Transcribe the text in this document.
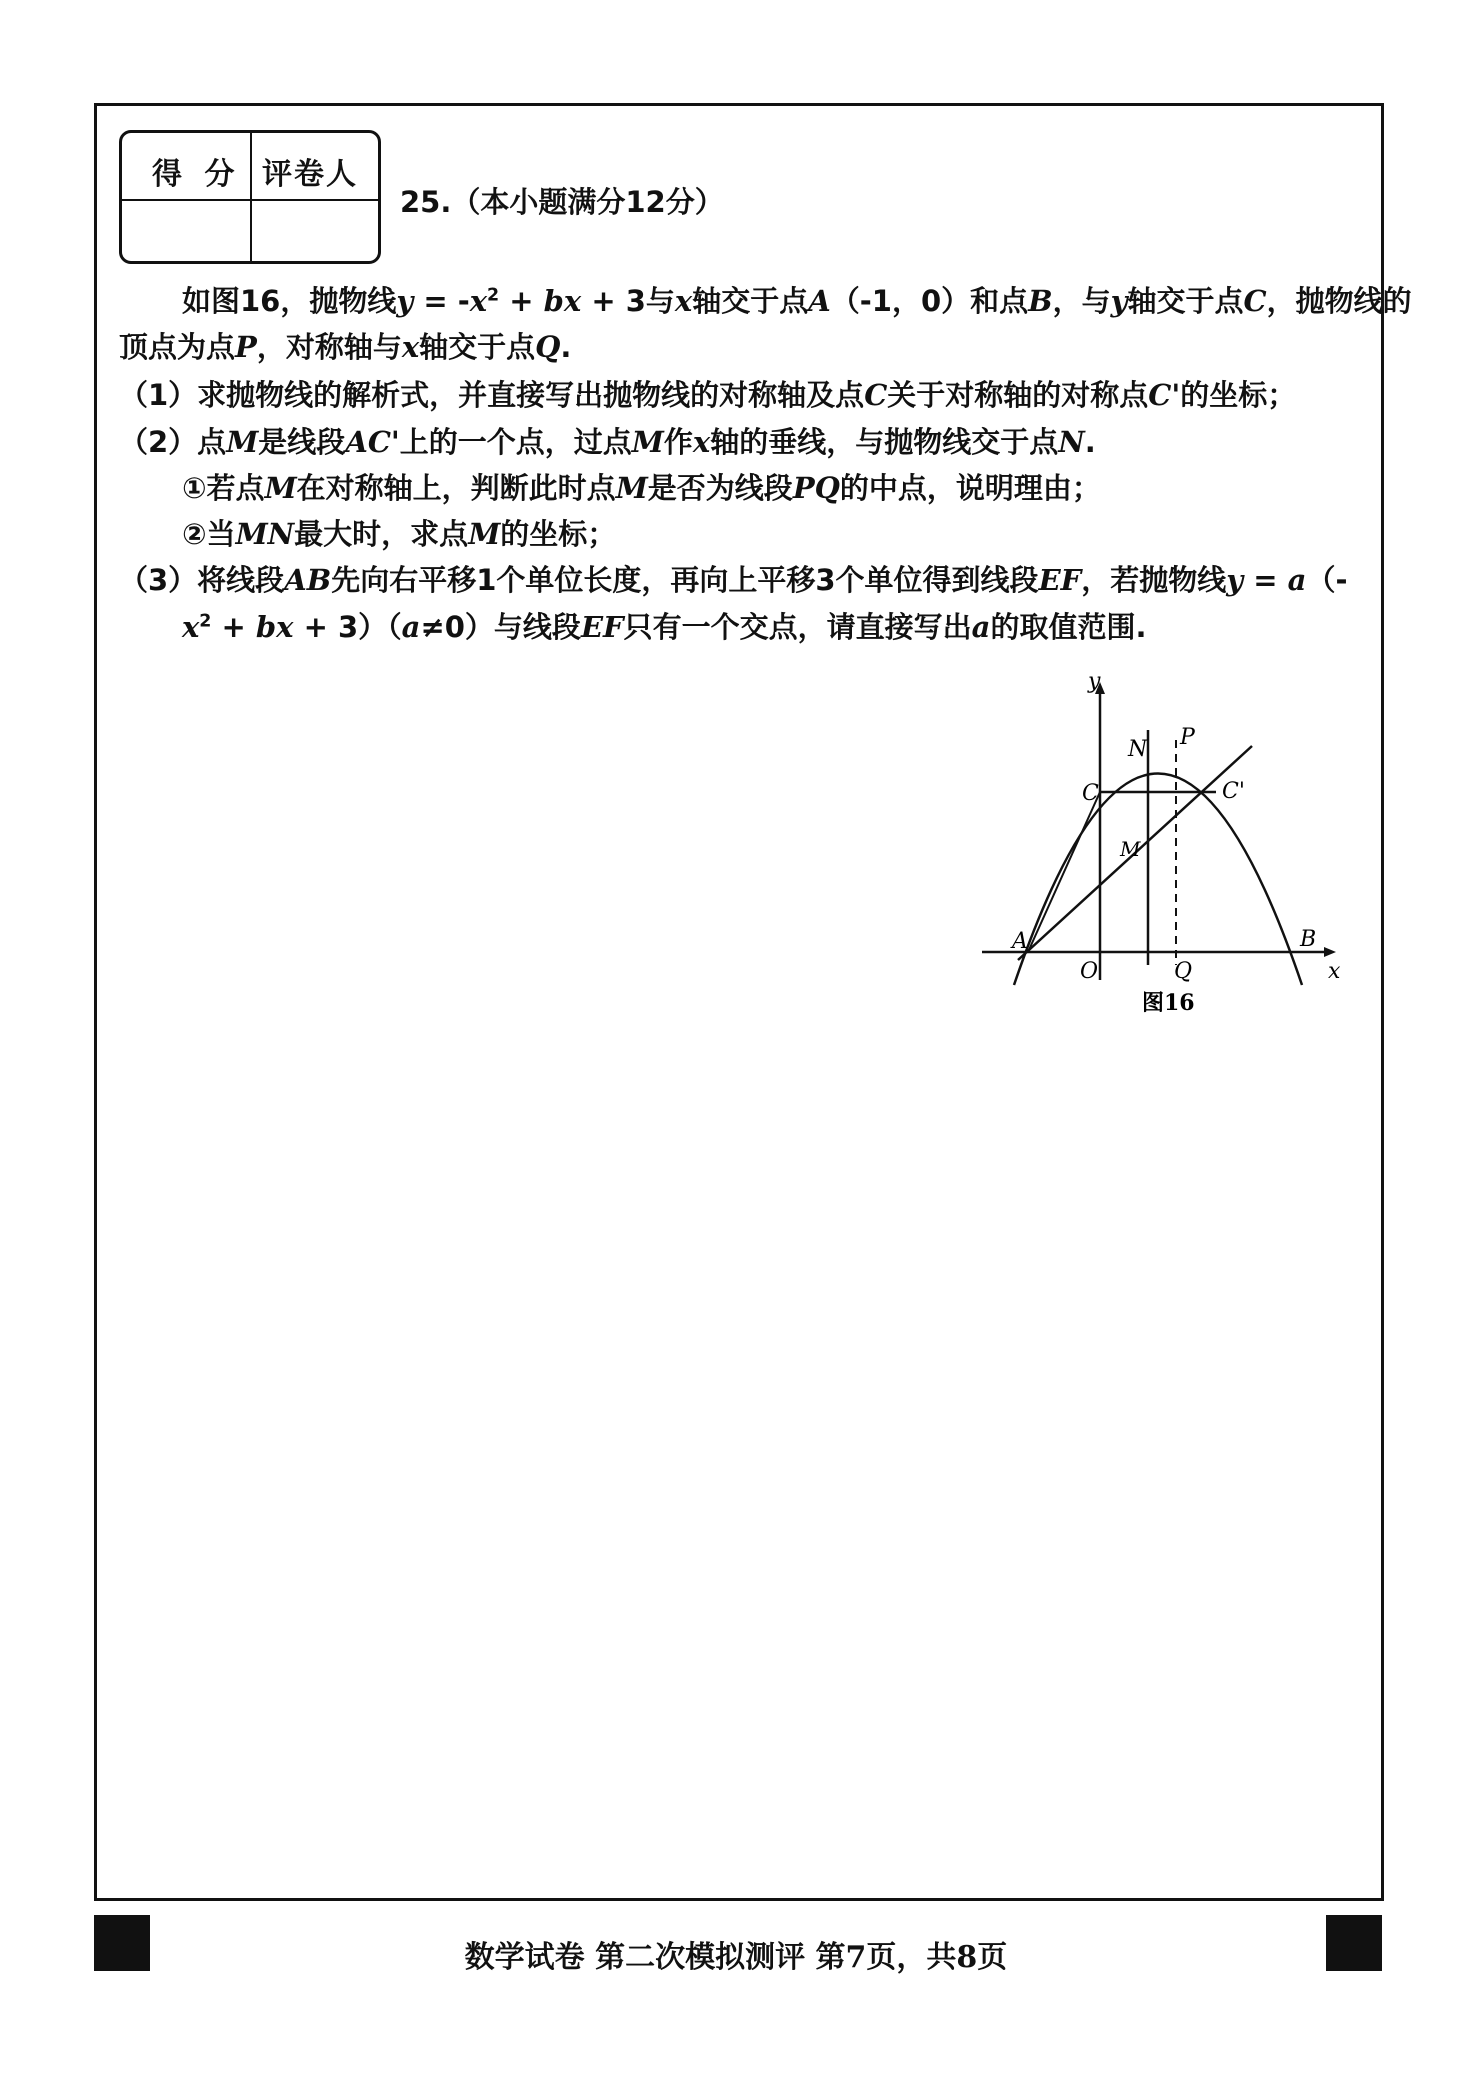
得 分 评卷人
25.（本小题满分12分）
如图16，抛物线$y = -x^2$ + bx + 3与x轴交于点A（-1，0）和点B，与y轴交于点C，抛物线的
顶点为点P，对称轴与x轴交于点Q.
（1）求抛物线的解析式，并直接写出抛物线的对称轴及点C关于对称轴的对称点C'的坐标；
（2）点M是线段AC'上的一个点，过点M作x轴的垂线，与抛物线交于点N.
①若点M在对称轴上，判断此时点M是否为线段PQ的中点，说明理由；
②当MN最大时，求点M的坐标；
（3）将线段AB先向右平移1个单位长度，再向上平移3个单位得到线段EF，若抛物线y = a（-
$x^2$ + bx + 3）（a≠0）与线段EF只有一个交点，请直接写出a的取值范围.
y
x
N P
C	C'
M
A
O	Q
B
图16
数学试卷 第二次模拟测评 第7页，共8页
